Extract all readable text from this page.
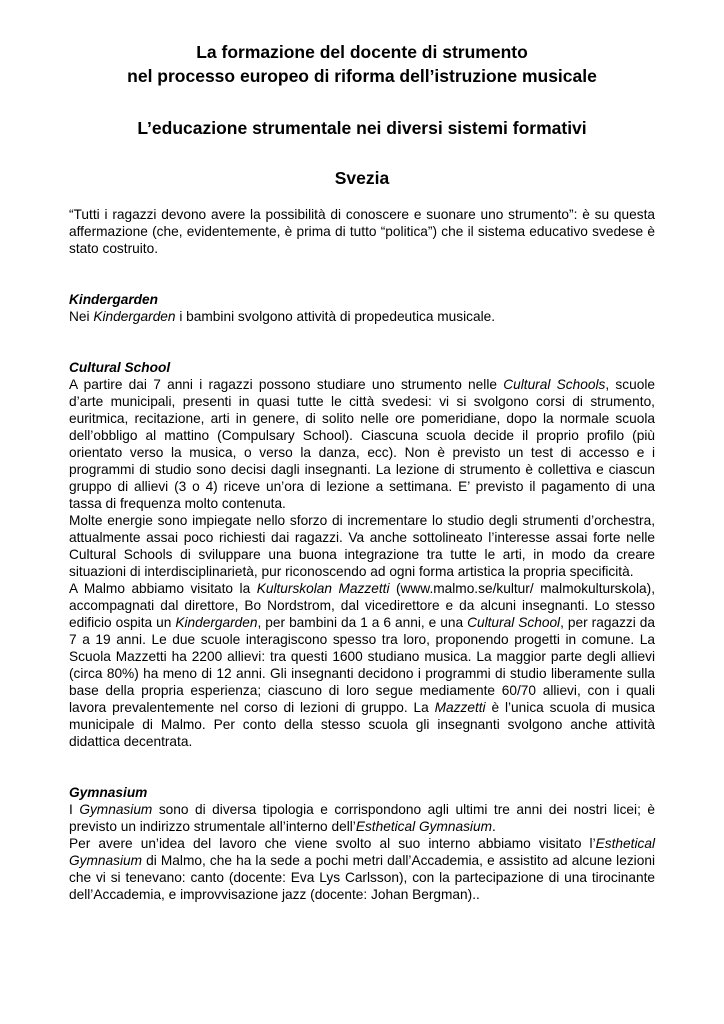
La formazione del docente di strumento
nel processo europeo di riforma dell’istruzione musicale
L’educazione strumentale nei diversi sistemi formativi
Svezia

“Tutti i ragazzi devono avere la possibilità di conoscere e suonare uno strumento”: è su questa affermazione (che, evidentemente, è prima di tutto “politica”) che il sistema educativo svedese è stato costruito.

Kindergarden

Nei Kindergarden i bambini svolgono attività di propedeutica musicale.

Cultural School

A partire dai 7 anni i ragazzi possono studiare uno strumento nelle Cultural Schools, scuole d’arte municipali, presenti in quasi tutte le città svedesi: vi si svolgono corsi di strumento, euritmica, recitazione, arti in genere, di solito nelle ore pomeridiane, dopo la normale scuola dell’obbligo al mattino (Compulsary School). Ciascuna scuola decide il proprio profilo (più orientato verso la musica, o verso la danza, ecc). Non è previsto un test di accesso e i programmi di studio sono decisi dagli insegnanti. La lezione di strumento è collettiva e ciascun gruppo di allievi (3 o 4) riceve un’ora di lezione a settimana. E’ previsto il pagamento di una tassa di frequenza molto contenuta.

Molte energie sono impiegate nello sforzo di incrementare lo studio degli strumenti d’orchestra, attualmente assai poco richiesti dai ragazzi. Va anche sottolineato l’interesse assai forte nelle Cultural Schools di sviluppare una buona integrazione tra tutte le arti, in modo da creare situazioni di interdisciplinarietà, pur riconoscendo ad ogni forma artistica la propria specificità.

A Malmo abbiamo visitato la Kulturskolan Mazzetti (www.malmo.se/kultur/ malmokulturskola), accompagnati dal direttore, Bo Nordstrom, dal vicedirettore e da alcuni insegnanti. Lo stesso edificio ospita un Kindergarden, per bambini da 1 a 6 anni, e una Cultural School, per ragazzi da 7 a 19 anni. Le due scuole interagiscono spesso tra loro, proponendo progetti in comune. La Scuola Mazzetti ha 2200 allievi: tra questi 1600 studiano musica. La maggior parte degli allievi (circa 80%) ha meno di 12 anni. Gli insegnanti decidono i programmi di studio liberamente sulla base della propria esperienza; ciascuno di loro segue mediamente 60/70 allievi, con i quali lavora prevalentemente nel corso di lezioni di gruppo. La Mazzetti è l’unica scuola di musica municipale di Malmo. Per conto della stesso scuola gli insegnanti svolgono anche attività didattica decentrata.

Gymnasium

I Gymnasium sono di diversa tipologia e corrispondono agli ultimi tre anni dei nostri licei; è previsto un indirizzo strumentale all’interno dell’Esthetical Gymnasium.

Per avere un’idea del lavoro che viene svolto al suo interno abbiamo visitato l’Esthetical Gymnasium di Malmo, che ha la sede a pochi metri dall’Accademia, e assistito ad alcune lezioni che vi si tenevano: canto (docente: Eva Lys Carlsson), con la partecipazione di una tirocinante dell’Accademia, e improvvisazione jazz (docente: Johan Bergman)..
